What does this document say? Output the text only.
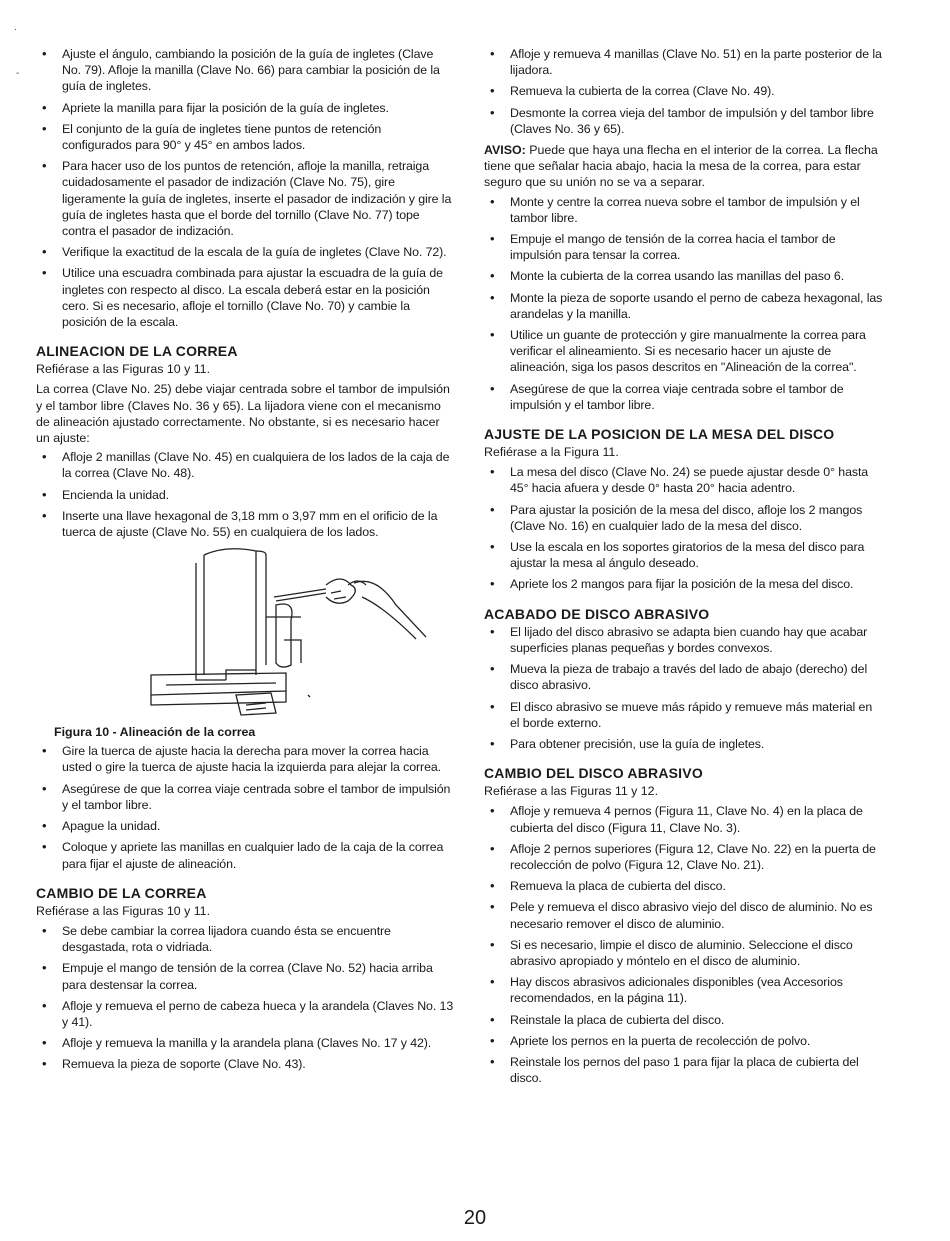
.
-
• Ajuste el ángulo, cambiando la posición de la guía de ingletes (Clave No. 79). Afloje la manilla (Clave No. 66) para cambiar la posición de la guía de ingletes.
• Apriete la manilla para fijar la posición de la guía de ingletes.
• El conjunto de la guía de ingletes tiene puntos de retención configurados para 90° y 45° en ambos lados.
• Para hacer uso de los puntos de retención, afloje la manilla, retraiga cuidadosamente el pasador de indización (Clave No. 75), gire ligeramente la guía de ingletes, inserte el pasador de indización y gire la guía de ingletes hasta que el borde del tornillo (Clave No. 77) tope contra el pasador de indización.
• Verifique la exactitud de la escala de la guía de ingletes (Clave No. 72).
• Utilice una escuadra combinada para ajustar la escuadra de la guía de ingletes con respecto al disco. La escala deberá estar en la posición cero. Si es necesario, afloje el tornillo (Clave No. 70) y cambie la posición de la escala.
ALINEACION DE LA CORREA
Refiérase a las Figuras 10 y 11.
La correa (Clave No. 25) debe viajar centrada sobre el tambor de impulsión y el tambor libre (Claves No. 36 y 65). La lijadora viene con el mecanismo de alineación ajustado correctamente. No obstante, si es necesario hacer un ajuste:
• Afloje 2 manillas (Clave No. 45) en cualquiera de los lados de la caja de la correa (Clave No. 48).
• Encienda la unidad.
• Inserte una llave hexagonal de 3,18 mm o 3,97 mm en el orificio de la tuerca de ajuste (Clave No. 55) en cualquiera de los lados.
Figura 10 - Alineación de la correa
• Gire la tuerca de ajuste hacia la derecha para mover la correa hacia usted o gire la tuerca de ajuste hacia la izquierda para alejar la correa.
• Asegúrese de que la correa viaje centrada sobre el tambor de impulsión y el tambor libre.
• Apague la unidad.
• Coloque y apriete las manillas en cualquier lado de la caja de la correa para fijar el ajuste de alineación.
CAMBIO DE LA CORREA
Refiérase a las Figuras 10 y 11.
• Se debe cambiar la correa lijadora cuando ésta se encuentre desgastada, rota o vidriada.
• Empuje el mango de tensión de la correa (Clave No. 52) hacia arriba para destensar la correa.
• Afloje y remueva el perno de cabeza hueca y la arandela (Claves No. 13 y 41).
• Afloje y remueva la manilla y la arandela plana (Claves No. 17 y 42).
• Remueva la pieza de soporte (Clave No. 43).
• Afloje y remueva 4 manillas (Clave No. 51) en la parte posterior de la lijadora.
• Remueva la cubierta de la correa (Clave No. 49).
• Desmonte la correa vieja del tambor de impulsión y del tambor libre (Claves No. 36 y 65).
AVISO: Puede que haya una flecha en el interior de la correa. La flecha tiene que señalar hacia abajo, hacia la mesa de la correa, para estar seguro que su unión no se va a separar.
• Monte y centre la correa nueva sobre el tambor de impulsión y el tambor libre.
• Empuje el mango de tensión de la correa hacia el tambor de impulsión para tensar la correa.
• Monte la cubierta de la correa usando las manillas del paso 6.
• Monte la pieza de soporte usando el perno de cabeza hexagonal, las arandelas y la manilla.
• Utilice un guante de protección y gire manualmente la correa para verificar el alineamiento. Si es necesario hacer un ajuste de alineación, siga los pasos descritos en "Alineación de la correa".
• Asegúrese de que la correa viaje centrada sobre el tambor de impulsión y el tambor libre.
AJUSTE DE LA POSICION DE LA MESA DEL DISCO
Refiérase a la Figura 11.
• La mesa del disco (Clave No. 24) se puede ajustar desde 0° hasta 45° hacia afuera y desde 0° hasta 20° hacia adentro.
• Para ajustar la posición de la mesa del disco, afloje los 2 mangos (Clave No. 16) en cualquier lado de la mesa del disco.
• Use la escala en los soportes giratorios de la mesa del disco para ajustar la mesa al ángulo deseado.
• Apriete los 2 mangos para fijar la posición de la mesa del disco.
ACABADO DE DISCO ABRASIVO
• El lijado del disco abrasivo se adapta bien cuando hay que acabar superficies planas pequeñas y bordes convexos.
• Mueva la pieza de trabajo a través del lado de abajo (derecho) del disco abrasivo.
• El disco abrasivo se mueve más rápido y remueve más material en el borde externo.
• Para obtener precisión, use la guía de ingletes.
CAMBIO DEL DISCO ABRASIVO
Refiérase a las Figuras 11 y 12.
• Afloje y remueva 4 pernos (Figura 11, Clave No. 4) en la placa de cubierta del disco (Figura 11, Clave No. 3).
• Afloje 2 pernos superiores (Figura 12, Clave No. 22) en la puerta de recolección de polvo (Figura 12, Clave No. 21).
• Remueva la placa de cubierta del disco.
• Pele y remueva el disco abrasivo viejo del disco de aluminio. No es necesario remover el disco de aluminio.
• Si es necesario, limpie el disco de aluminio. Seleccione el disco abrasivo apropiado y móntelo en el disco de aluminio.
• Hay discos abrasivos adicionales disponibles (vea Accesorios recomendados, en la página 11).
• Reinstale la placa de cubierta del disco.
• Apriete los pernos en la puerta de recolección de polvo.
• Reinstale los pernos del paso 1 para fijar la placa de cubierta del disco.
20
